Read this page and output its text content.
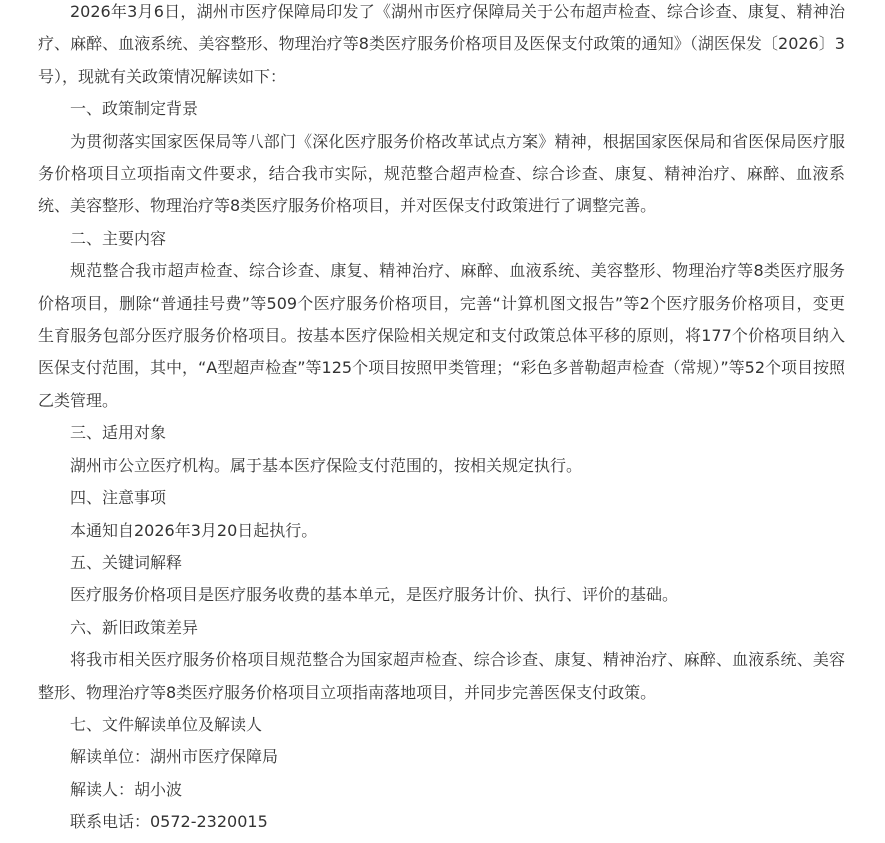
2026年3月6日，湖州市医疗保障局印发了《湖州市医疗保障局关于公布超声检查、综合诊查、康复、精神治疗、麻醉、血液系统、美容整形、物理治疗等8类医疗服务价格项目及医保支付政策的通知》（湖医保发〔2026〕3号），现就有关政策情况解读如下：

一、政策制定背景

为贯彻落实国家医保局等八部门《深化医疗服务价格改革试点方案》精神，根据国家医保局和省医保局医疗服务价格项目立项指南文件要求，结合我市实际，规范整合超声检查、综合诊查、康复、精神治疗、麻醉、血液系统、美容整形、物理治疗等8类医疗服务价格项目，并对医保支付政策进行了调整完善。

二、主要内容

规范整合我市超声检查、综合诊查、康复、精神治疗、麻醉、血液系统、美容整形、物理治疗等8类医疗服务价格项目，删除“普通挂号费”等509个医疗服务价格项目，完善“计算机图文报告”等2个医疗服务价格项目，变更生育服务包部分医疗服务价格项目。按基本医疗保险相关规定和支付政策总体平移的原则，将177个价格项目纳入医保支付范围，其中，“A型超声检查”等125个项目按照甲类管理；“彩色多普勒超声检查（常规）”等52个项目按照乙类管理。

三、适用对象

湖州市公立医疗机构。属于基本医疗保险支付范围的，按相关规定执行。

四、注意事项

本通知自2026年3月20日起执行。

五、关键词解释

医疗服务价格项目是医疗服务收费的基本单元，是医疗服务计价、执行、评价的基础。

六、新旧政策差异

将我市相关医疗服务价格项目规范整合为国家超声检查、综合诊查、康复、精神治疗、麻醉、血液系统、美容整形、物理治疗等8类医疗服务价格项目立项指南落地项目，并同步完善医保支付政策。

七、文件解读单位及解读人

解读单位：湖州市医疗保障局

解读人：胡小波

联系电话：0572-2320015
